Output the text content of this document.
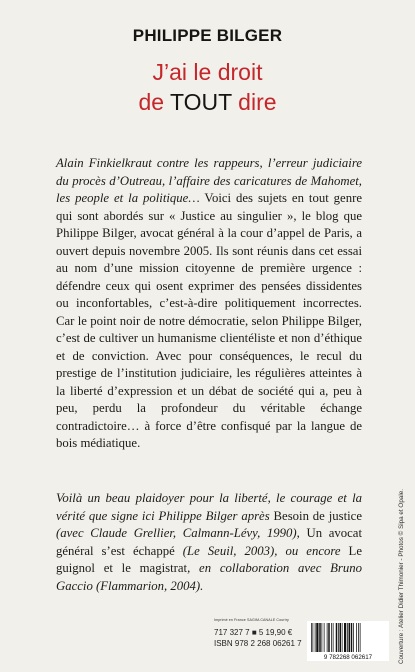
PHILIPPE BILGER
J’ai le droit
de TOUT dire

Alain Finkielkraut contre les rappeurs, l’erreur judiciaire du procès d’Outreau, l’affaire des caricatures de Mahomet, les people et la politique… Voici des sujets en tout genre qui sont abordés sur « Justice au singulier », le blog que Philippe Bilger, avocat général à la cour d’appel de Paris, a ouvert depuis novembre 2005. Ils sont réunis dans cet essai au nom d’une mission citoyenne de première urgence : défendre ceux qui osent exprimer des pensées dissidentes ou inconfortables, c’est-à-dire politiquement incorrectes. Car le point noir de notre démocratie, selon Philippe Bilger, c’est de cultiver un humanisme clientéliste et non d’éthique et de conviction. Avec pour conséquences, le recul du prestige de l’institution judiciaire, les régulières atteintes à la liberté d’expression et un débat de société qui a, peu à peu, perdu la profondeur du véritable échange contradictoire… à force d’être confisqué par la langue de bois médiatique.

Voilà un beau plaidoyer pour la liberté, le courage et la vérité que signe ici Philippe Bilger après Besoin de justice (avec Claude Grellier, Calmann-Lévy, 1990), Un avocat général s’est échappé (Le Seuil, 2003), ou encore Le guignol et le magistrat, en collaboration avec Bruno Gaccio (Flammarion, 2004).

Imprimé en France SAGIM-CANALE Courtry
717 327 7 ■ 5 19,90 €
ISBN 978 2 268 06261 7
9 782268 062617	Couverture : Atelier Didier Thimonier - Photos © Sipa et Opale.
